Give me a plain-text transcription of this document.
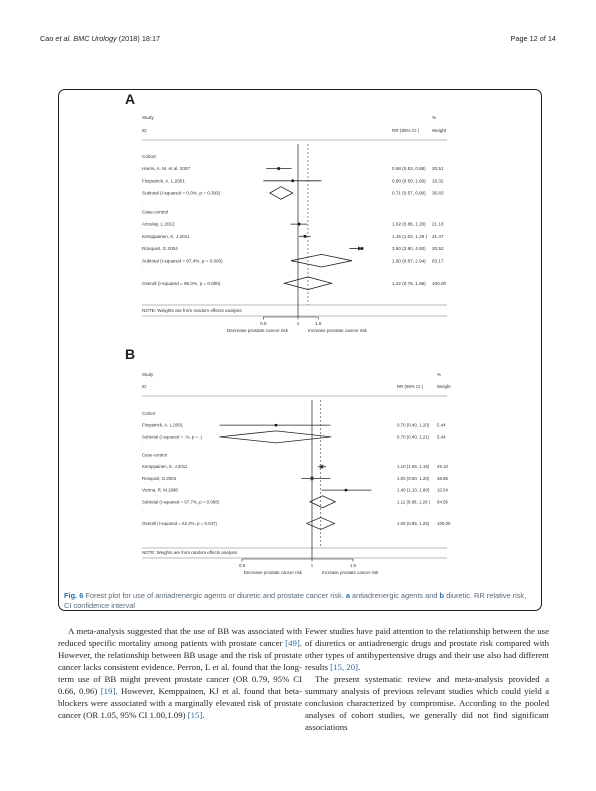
Cao et al. BMC Urology (2018) 18:17	Page 12 of 14
Study
ID	RR (95% CI )
%
Weight
Cohort
Harris, A. M. et al. 2007	0.68 (0.53, 0.88) 20.51
Fitzpatrick, A. L.2001	0.90 (0.50, 1.60) 16.32
Subtotal (I-squared = 0.0%, p = 0.393)	0.71 (0.57, 0.90) 36.83
.
Case-control
Azoulay, L.2012	1.02 (0.86, 1.20) 21.18
Kemppainen, K. J.2011	1.15 (1.02, 1.29 ) 21.47
Ronquist, G.2004	3.60 (2.80, 4.60) 20.52
Subtotal (I-squared = 97.4%, p = 0.000)	1.60 (0.87, 2.94) 63.17
.
Overall (I-squared = 96.0%, p = 0.000)	1.22 (0.76, 1.96) 100.00
NOTE: Weights are from random effects analysis
0.5	1	1.5
Decrease prostate cancer risk	Increase prostate cancer risk
A
Study
ID	RR (95% CI )
%
Weight
Cohort
Fitzpatrick, A. L.2001	0.70 (0.40, 1.20) 5.44
Subtotal (I-squared = .%, p = .)	0.70 (0.40, 1.21) 5.44
.
Case-control
Kemppainen, K. J.2011	1.10 (1.06, 1.15) 45.10
Ronquist, G.2004	1.00 (0.90, 1.20) 38.86
Vezina, R. M.1998	1.40 (1.10, 1.80) 10.54
Subtotal (I-squared = 67.7%, p = 0.068)	1.11 (0.98, 1.26 ) 94.56
.
Overall (I-squared = 62.2%, p = 0.047)	1.09 (0.95, 1.25) 100.00
NOTE: Weights are from random effects analysis
0.5	1	1.5
Decrease prostate cancer risk	Increase prostate cancer risk
B
Fig. 6 Forest plot for use of antiadrenergic agents or diuretic and prostate cancer risk. a antiadrenergic agents and b diuretic. RR relative risk, CI confidence interval

A meta-analysis suggested that the use of BB was associated with reduced specific mortality among patients with prostate cancer [49]. However, the relationship between BB usage and the risk of prostate cancer lacks consistent evidence. Perron, L et al. found that the long-term use of BB might prevent prostate cancer (OR 0.79, 95% CI 0.66, 0.96) [19]. However, Kemppainen, KJ et al. found that beta-blockers were associated with a marginally elevated risk of prostate cancer (OR 1.05, 95% CI 1.00,1.09) [15].

Fewer studies have paid attention to the relationship between the use of diuretics or antiadrenergic drugs and prostate risk compared with other types of antihypertensive drugs and their use also had different results [15, 20].

The present systematic review and meta-analysis provided a summary analysis of previous relevant studies which could yield a conclusion characterized by compromise. According to the pooled analyses of cohort studies, we generally did not find significant associations
